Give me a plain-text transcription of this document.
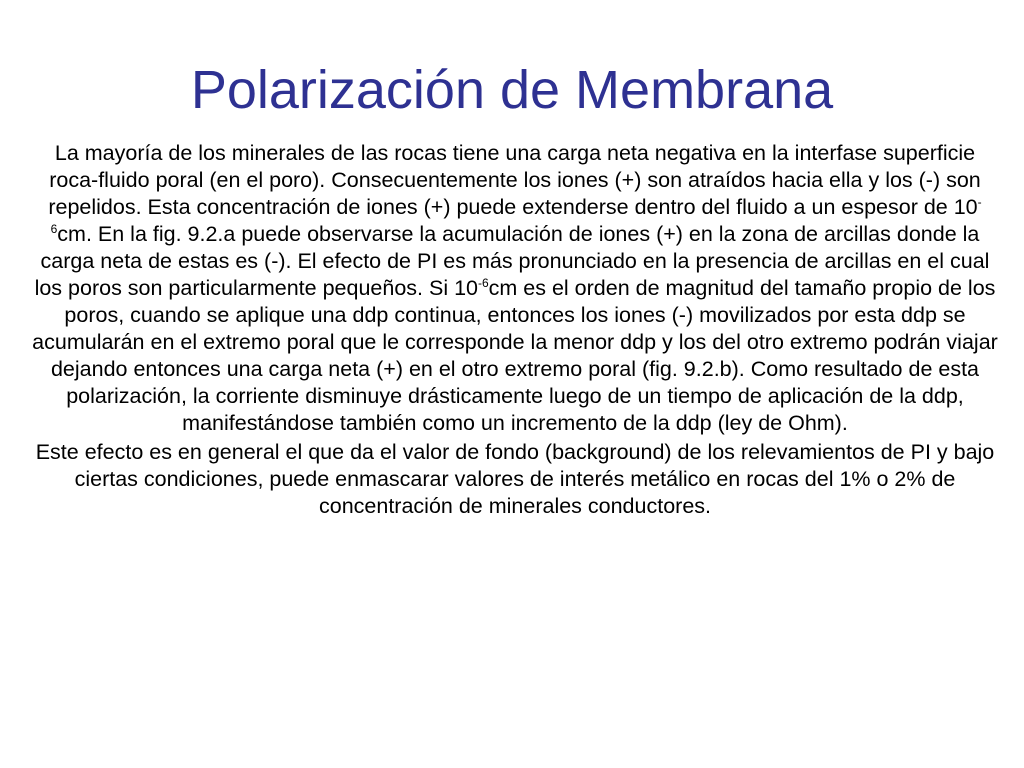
Polarización de Membrana

La mayoría de los minerales de las rocas tiene una carga neta negativa en la interfase superficie roca-fluido poral (en el poro). Consecuentemente los iones (+) son atraídos hacia ella y los (-) son repelidos. Esta concentración de iones (+) puede extenderse dentro del fluido a un espesor de $10^{-6}cm$. En la fig. 9.2.a puede observarse la acumulación de iones (+) en la zona de arcillas donde la carga neta de estas es (-). El efecto de PI es más pronunciado en la presencia de arcillas en el cual los poros son particularmente pequeños. Si $10^{-6}cm$ es el orden de magnitud del tamaño propio de los poros, cuando se aplique una ddp continua, entonces los iones (-) movilizados por esta ddp se acumularán en el extremo poral que le corresponde la menor ddp y los del otro extremo podrán viajar dejando entonces una carga neta (+) en el otro extremo poral (fig. 9.2.b). Como resultado de esta polarización, la corriente disminuye drásticamente luego de un tiempo de aplicación de la ddp, manifestándose también como un incremento de la ddp (ley de Ohm).

Este efecto es en general el que da el valor de fondo (background) de los relevamientos de PI y bajo ciertas condiciones, puede enmascarar valores de interés metálico en rocas del 1% o 2% de concentración de minerales conductores.
